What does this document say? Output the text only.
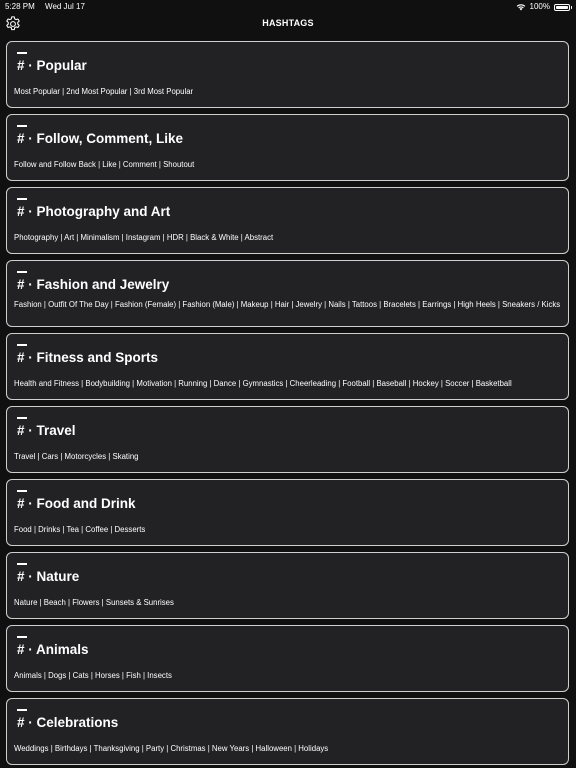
5:28 PM Wed Jul 17	100%
HASHTAGS
# · Popular
Most Popular | 2nd Most Popular | 3rd Most Popular
# · Follow, Comment, Like
Follow and Follow Back | Like | Comment | Shoutout
# · Photography and Art
Photography | Art | Minimalism | Instagram | HDR | Black & White | Abstract
# · Fashion and Jewelry
Fashion | Outfit Of The Day | Fashion (Female) | Fashion (Male) | Makeup | Hair | Jewelry | Nails | Tattoos | Bracelets | Earrings | High Heels | Sneakers / Kicks
# · Fitness and Sports
Health and Fitness | Bodybuilding | Motivation | Running | Dance | Gymnastics | Cheerleading | Football | Baseball | Hockey | Soccer | Basketball
# · Travel
Travel | Cars | Motorcycles | Skating
# · Food and Drink
Food | Drinks | Tea | Coffee | Desserts
# · Nature
Nature | Beach | Flowers | Sunsets & Sunrises
# · Animals
Animals | Dogs | Cats | Horses | Fish | Insects
# · Celebrations
Weddings | Birthdays | Thanksgiving | Party | Christmas | New Years | Halloween | Holidays
